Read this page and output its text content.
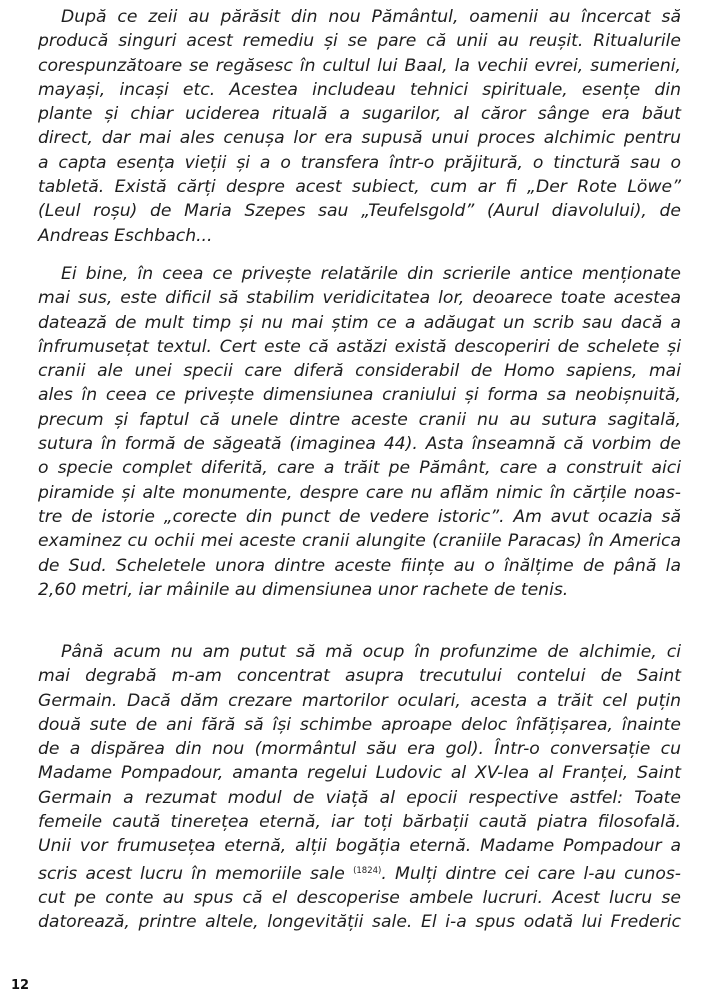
După ce zeii au părăsit din nou Pământul, oamenii au încercat să
producă singuri acest remediu și se pare că unii au reușit. Ritualurile
corespunzătoare se regăsesc în cultul lui Baal, la vechii evrei, sumerieni,
mayași, incași etc. Acestea includeau tehnici spirituale, esențe din
plante și chiar uciderea rituală a sugarilor, al căror sânge era băut
direct, dar mai ales cenușa lor era supusă unui proces alchimic pentru
a capta esența vieții și a o transfera într-o prăjitură, o tinctură sau o
tabletă. Există cărți despre acest subiect, cum ar fi „Der Rote Löwe”
(Leul roșu) de Maria Szepes sau „Teufelsgold” (Aurul diavolului), de
Andreas Eschbach...
Ei bine, în ceea ce privește relatările din scrierile antice menționate
mai sus, este dificil să stabilim veridicitatea lor, deoarece toate acestea
datează de mult timp și nu mai știm ce a adăugat un scrib sau dacă a
înfrumusețat textul. Cert este că astăzi există descoperiri de schelete și
cranii ale unei specii care diferă considerabil de Homo sapiens, mai
ales în ceea ce privește dimensiunea craniului și forma sa neobișnuită,
precum și faptul că unele dintre aceste cranii nu au sutura sagitală,
sutura în formă de săgeată (imaginea 44). Asta înseamnă că vorbim de
o specie complet diferită, care a trăit pe Pământ, care a construit aici
piramide și alte monumente, despre care nu aflăm nimic în cărțile noas-
tre de istorie „corecte din punct de vedere istoric”. Am avut ocazia să
examinez cu ochii mei aceste cranii alungite (craniile Paracas) în America
de Sud. Scheletele unora dintre aceste ființe au o înălțime de până la
2,60 metri, iar mâinile au dimensiunea unor rachete de tenis.
Până acum nu am putut să mă ocup în profunzime de alchimie, ci
mai degrabă m-am concentrat asupra trecutului contelui de Saint
Germain. Dacă dăm crezare martorilor oculari, acesta a trăit cel puțin
două sute de ani fără să își schimbe aproape deloc înfățișarea, înainte
de a dispărea din nou (mormântul său era gol). Într-o conversație cu
Madame Pompadour, amanta regelui Ludovic al XV-lea al Franței, Saint
Germain a rezumat modul de viață al epocii respective astfel: Toate
femeile caută tinerețea eternă, iar toți bărbații caută piatra filosofală.
Unii vor frumusețea eternă, alții bogăția eternă. Madame Pompadour a
scris acest lucru în memoriile sale $^{(1824)}$. Mulți dintre cei care l-au cunos-
cut pe conte au spus că el descoperise ambele lucruri. Acest lucru se
datorează, printre altele, longevității sale. El i-a spus odată lui Frederic
12
